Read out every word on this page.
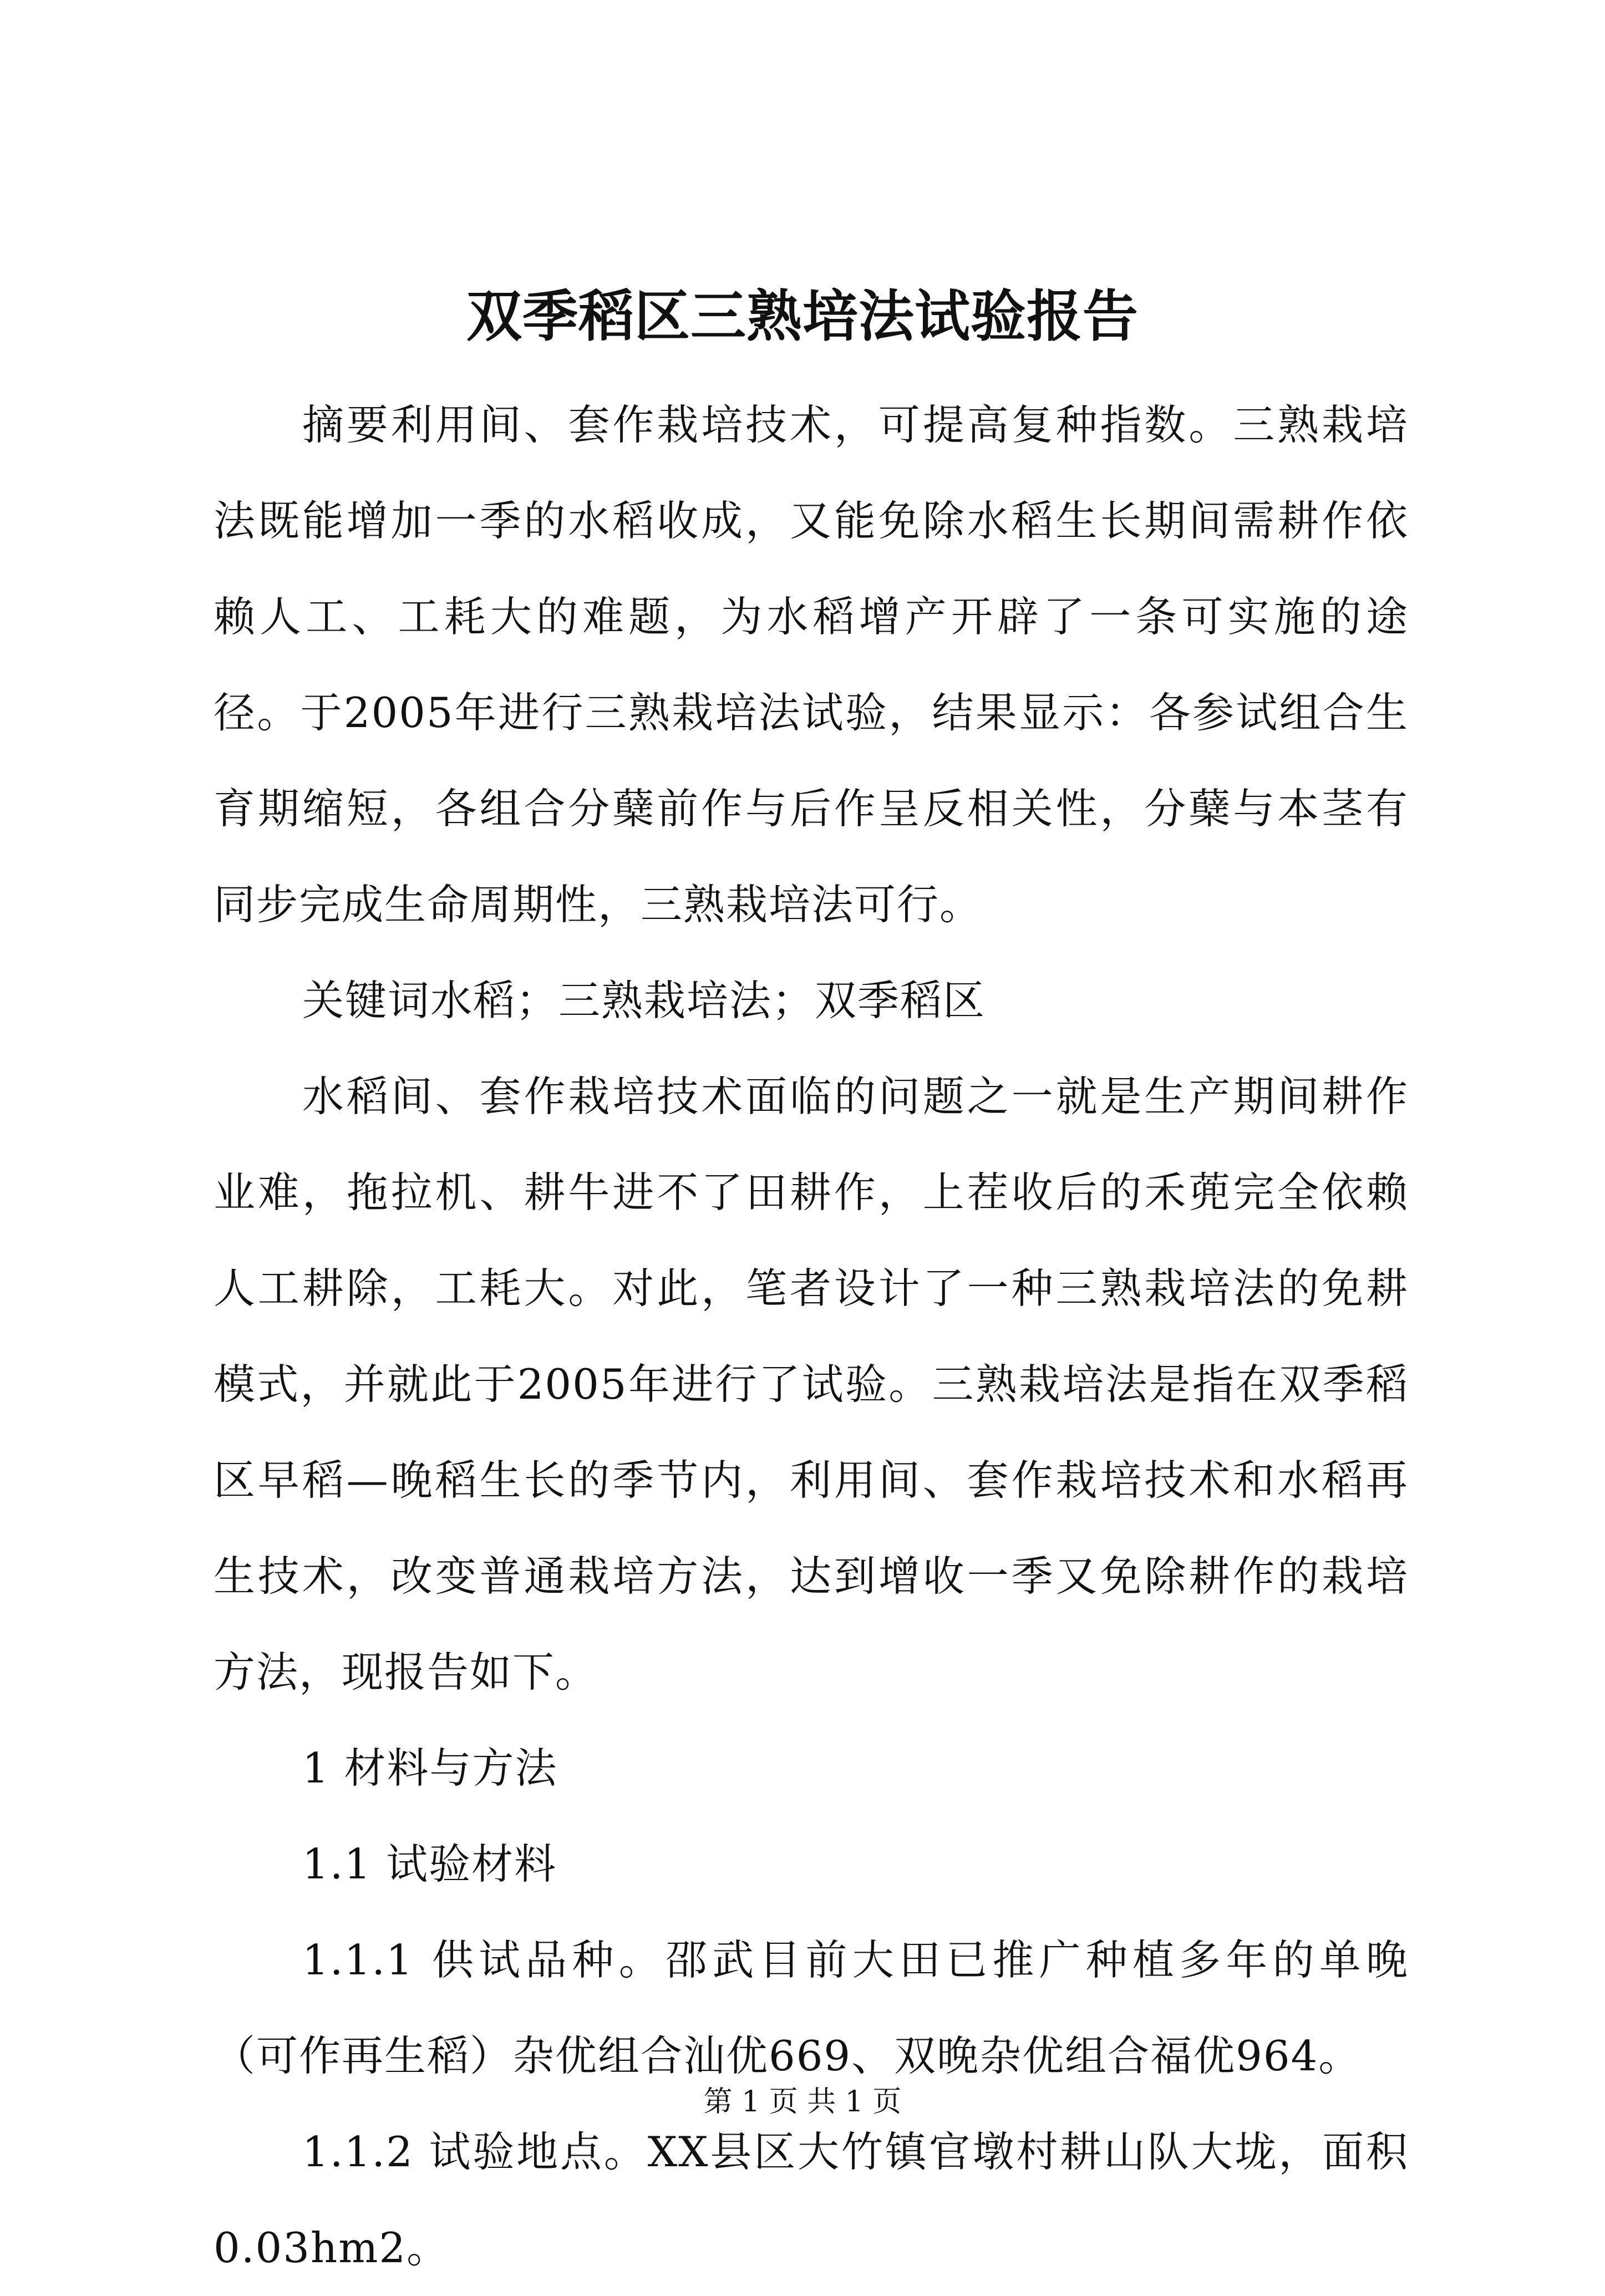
双季稻区三熟培法试验报告

摘要利用间、套作栽培技术，可提高复种指数。三熟栽培法既能增加一季的水稻收成，又能免除水稻生长期间需耕作依赖人工、工耗大的难题，为水稻增产开辟了一条可实施的途径。于2005年进行三熟栽培法试验，结果显示：各参试组合生育期缩短，各组合分蘖前作与后作呈反相关性，分蘖与本茎有同步完成生命周期性，三熟栽培法可行。

关键词水稻；三熟栽培法；双季稻区

水稻间、套作栽培技术面临的问题之一就是生产期间耕作业难，拖拉机、耕牛进不了田耕作，上茬收后的禾蔸完全依赖人工耕除，工耗大。对此，笔者设计了一种三熟栽培法的免耕模式，并就此于2005年进行了试验。三熟栽培法是指在双季稻区早稻—晚稻生长的季节内，利用间、套作栽培技术和水稻再生技术，改变普通栽培方法，达到增收一季又免除耕作的栽培方法，现报告如下。

1 材料与方法

1.1 试验材料

1.1.1 供试品种。邵武目前大田已推广种植多年的单晚（可作再生稻）杂优组合汕优669、双晚杂优组合福优964。

1.1.2 试验地点。XX县区大竹镇官墩村耕山队大垅，面积0.03hm2。

第 1 页 共 1 页
